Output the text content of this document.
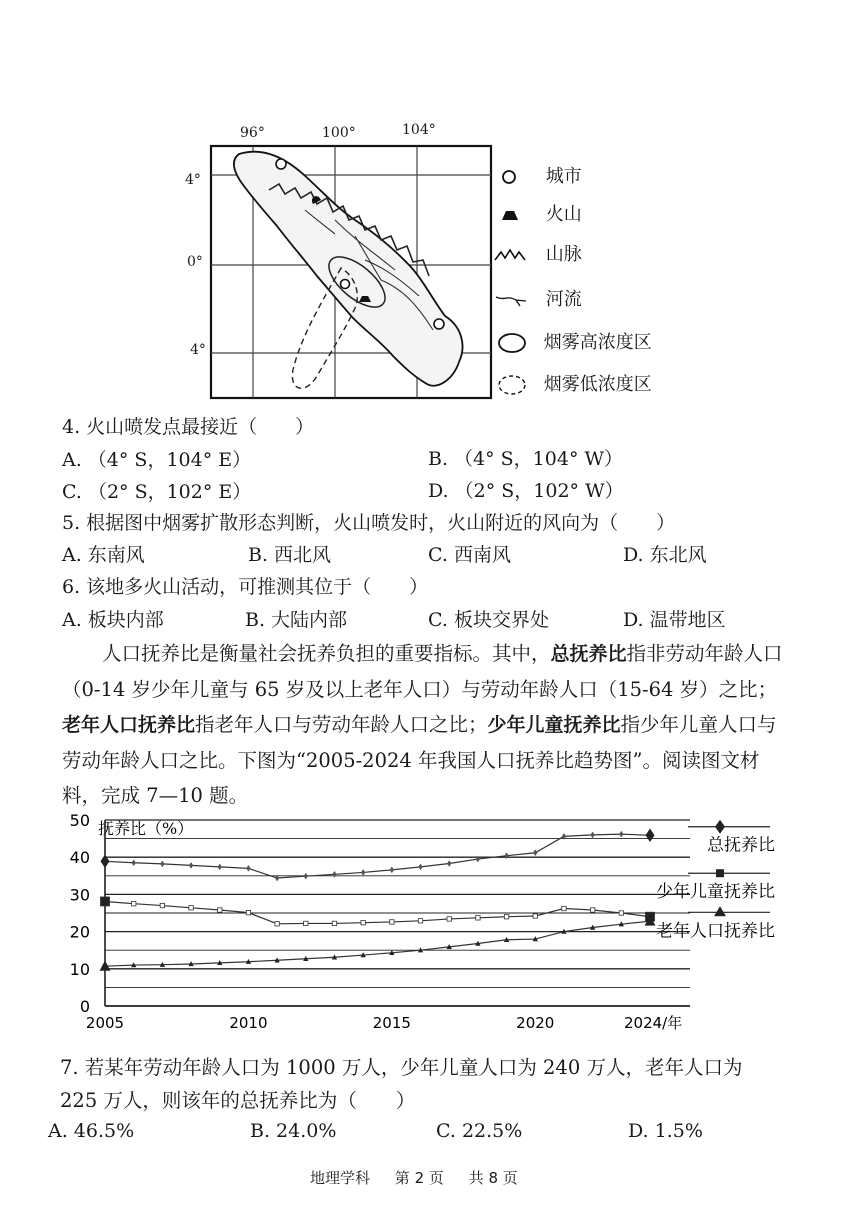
96°	100°	104°
4°
0°
4°
城市
火山
山脉
河流
烟雾高浓度区
烟雾低浓度区
4. 火山喷发点最接近（　　）
A. （4° S，104° E）	B. （4° S，104° W）
C. （2° S，102° E）	D. （2° S，102° W）
5. 根据图中烟雾扩散形态判断，火山喷发时，火山附近的风向为（　　）
A. 东南风	B. 西北风	C. 西南风	D. 东北风
6. 该地多火山活动，可推测其位于（　　）
A. 板块内部	B. 大陆内部	C. 板块交界处	D. 温带地区
人口抚养比是衡量社会抚养负担的重要指标。其中，总抚养比指非劳动年龄人口（0-14 岁少年儿童与 65 岁及以上老年人口）与劳动年龄人口（15-64 岁）之比；老年人口抚养比指老年人口与劳动年龄人口之比；少年儿童抚养比指少年儿童人口与劳动年龄人口之比。下图为“2005-2024 年我国人口抚养比趋势图”。阅读图文材料，完成 7—10 题。
0
10
20
30
40
50 抚养比（%）
2005	2010	2015	2020	2024/年
总抚养比
少年儿童抚养比
老年人口抚养比
7. 若某年劳动年龄人口为 1000 万人，少年儿童人口为 240 万人，老年人口为
225 万人，则该年的总抚养比为（　　）
A. 46.5%	B. 24.0%	C. 22.5%	D. 1.5%
地理学科 第 2 页 共 8 页
